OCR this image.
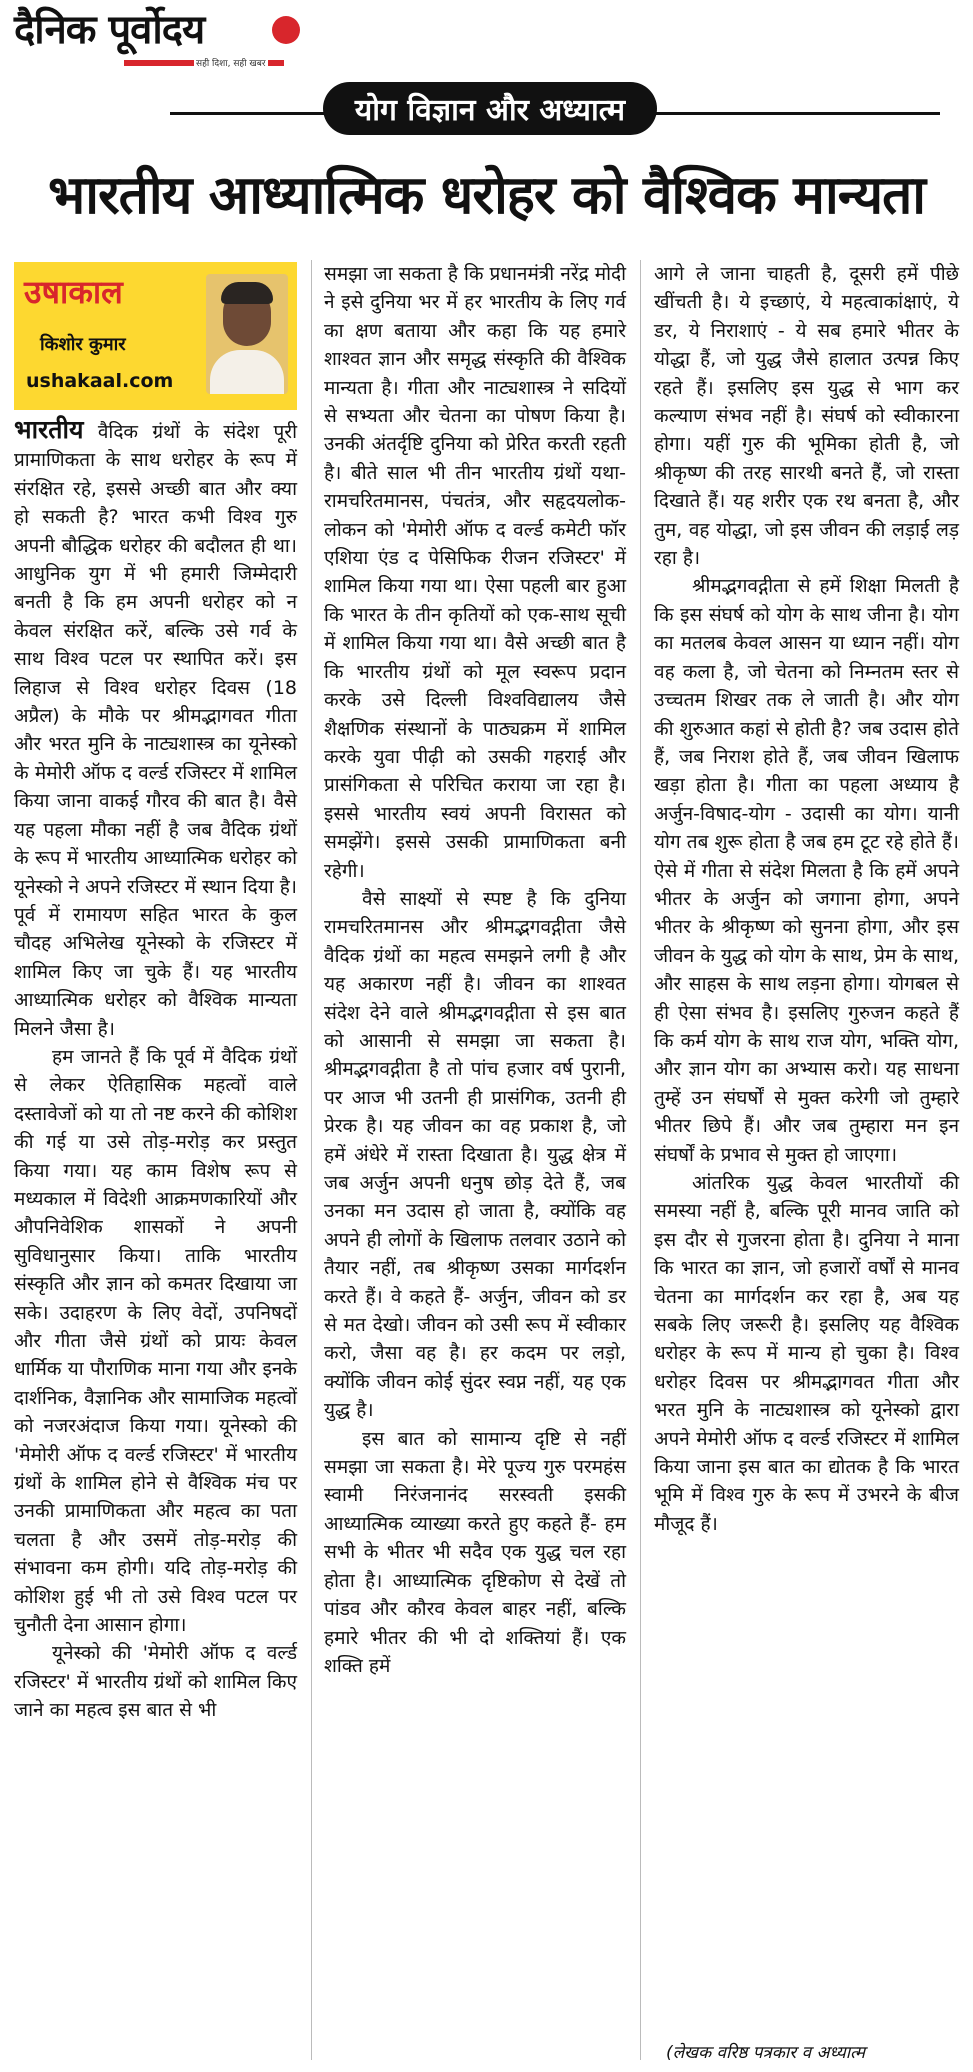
दैनिक पूर्वोदय
सही दिशा, सही खबर
योग विज्ञान और अध्यात्म
भारतीय आध्यात्मिक धरोहर को वैश्विक मान्यता
उषाकाल
किशोर कुमार
ushakaal.com

भारतीय वैदिक ग्रंथों के संदेश पूरी प्रामाणिकता के साथ धरोहर के रूप में संरक्षित रहे, इससे अच्छी बात और क्या हो सकती है? भारत कभी विश्व गुरु अपनी बौद्धिक धरोहर की बदौलत ही था। आधुनिक युग में भी हमारी जिम्मेदारी बनती है कि हम अपनी धरोहर को न केवल संरक्षित करें, बल्कि उसे गर्व के साथ विश्व पटल पर स्थापित करें। इस लिहाज से विश्व धरोहर दिवस (18 अप्रैल) के मौके पर श्रीमद्भागवत गीता और भरत मुनि के नाट्यशास्त्र का यूनेस्को के मेमोरी ऑफ द वर्ल्ड रजिस्टर में शामिल किया जाना वाकई गौरव की बात है। वैसे यह पहला मौका नहीं है जब वैदिक ग्रंथों के रूप में भारतीय आध्यात्मिक धरोहर को यूनेस्को ने अपने रजिस्टर में स्थान दिया है। पूर्व में रामायण सहित भारत के कुल चौदह अभिलेख यूनेस्को के रजिस्टर में शामिल किए जा चुके हैं। यह भारतीय आध्यात्मिक धरोहर को वैश्विक मान्यता मिलने जैसा है।

हम जानते हैं कि पूर्व में वैदिक ग्रंथों से लेकर ऐतिहासिक महत्वों वाले दस्तावेजों को या तो नष्ट करने की कोशिश की गई या उसे तोड़-मरोड़ कर प्रस्तुत किया गया। यह काम विशेष रूप से मध्यकाल में विदेशी आक्रमणकारियों और औपनिवेशिक शासकों ने अपनी सुविधानुसार किया। ताकि भारतीय संस्कृति और ज्ञान को कमतर दिखाया जा सके। उदाहरण के लिए वेदों, उपनिषदों और गीता जैसे ग्रंथों को प्रायः केवल धार्मिक या पौराणिक माना गया और इनके दार्शनिक, वैज्ञानिक और सामाजिक महत्वों को नजरअंदाज किया गया। यूनेस्को की 'मेमोरी ऑफ द वर्ल्ड रजिस्टर' में भारतीय ग्रंथों के शामिल होने से वैश्विक मंच पर उनकी प्रामाणिकता और महत्व का पता चलता है और उसमें तोड़-मरोड़ की संभावना कम होगी। यदि तोड़-मरोड़ की कोशिश हुई भी तो उसे विश्व पटल पर चुनौती देना आसान होगा।

यूनेस्को की 'मेमोरी ऑफ द वर्ल्ड रजिस्टर' में भारतीय ग्रंथों को शामिल किए जाने का महत्व इस बात से भी

समझा जा सकता है कि प्रधानमंत्री नरेंद्र मोदी ने इसे दुनिया भर में हर भारतीय के लिए गर्व का क्षण बताया और कहा कि यह हमारे शाश्वत ज्ञान और समृद्ध संस्कृति की वैश्विक मान्यता है। गीता और नाट्यशास्त्र ने सदियों से सभ्यता और चेतना का पोषण किया है। उनकी अंतर्दृष्टि दुनिया को प्रेरित करती रहती है। बीते साल भी तीन भारतीय ग्रंथों यथा- रामचरितमानस, पंचतंत्र, और सहृदयलोक-लोकन को 'मेमोरी ऑफ द वर्ल्ड कमेटी फॉर एशिया एंड द पेसिफिक रीजन रजिस्टर' में शामिल किया गया था। ऐसा पहली बार हुआ कि भारत के तीन कृतियों को एक-साथ सूची में शामिल किया गया था। वैसे अच्छी बात है कि भारतीय ग्रंथों को मूल स्वरूप प्रदान करके उसे दिल्ली विश्वविद्यालय जैसे शैक्षणिक संस्थानों के पाठ्यक्रम में शामिल करके युवा पीढ़ी को उसकी गहराई और प्रासंगिकता से परिचित कराया जा रहा है। इससे भारतीय स्वयं अपनी विरासत को समझेंगे। इससे उसकी प्रामाणिकता बनी रहेगी।

वैसे साक्ष्यों से स्पष्ट है कि दुनिया रामचरितमानस और श्रीमद्भगवद्गीता जैसे वैदिक ग्रंथों का महत्व समझने लगी है और यह अकारण नहीं है। जीवन का शाश्वत संदेश देने वाले श्रीमद्भगवद्गीता से इस बात को आसानी से समझा जा सकता है। श्रीमद्भगवद्गीता है तो पांच हजार वर्ष पुरानी, पर आज भी उतनी ही प्रासंगिक, उतनी ही प्रेरक है। यह जीवन का वह प्रकाश है, जो हमें अंधेरे में रास्ता दिखाता है। युद्ध क्षेत्र में जब अर्जुन अपनी धनुष छोड़ देते हैं, जब उनका मन उदास हो जाता है, क्योंकि वह अपने ही लोगों के खिलाफ तलवार उठाने को तैयार नहीं, तब श्रीकृष्ण उसका मार्गदर्शन करते हैं। वे कहते हैं- अर्जुन, जीवन को डर से मत देखो। जीवन को उसी रूप में स्वीकार करो, जैसा वह है। हर कदम पर लड़ो, क्योंकि जीवन कोई सुंदर स्वप्न नहीं, यह एक युद्ध है।

इस बात को सामान्य दृष्टि से नहीं समझा जा सकता है। मेरे पूज्य गुरु परमहंस स्वामी निरंजनानंद सरस्वती इसकी आध्यात्मिक व्याख्या करते हुए कहते हैं- हम सभी के भीतर भी सदैव एक युद्ध चल रहा होता है। आध्यात्मिक दृष्टिकोण से देखें तो पांडव और कौरव केवल बाहर नहीं, बल्कि हमारे भीतर की भी दो शक्तियां हैं। एक शक्ति हमें

आगे ले जाना चाहती है, दूसरी हमें पीछे खींचती है। ये इच्छाएं, ये महत्वाकांक्षाएं, ये डर, ये निराशाएं - ये सब हमारे भीतर के योद्धा हैं, जो युद्ध जैसे हालात उत्पन्न किए रहते हैं। इसलिए इस युद्ध से भाग कर कल्याण संभव नहीं है। संघर्ष को स्वीकारना होगा। यहीं गुरु की भूमिका होती है, जो श्रीकृष्ण की तरह सारथी बनते हैं, जो रास्ता दिखाते हैं। यह शरीर एक रथ बनता है, और तुम, वह योद्धा, जो इस जीवन की लड़ाई लड़ रहा है।

श्रीमद्भगवद्गीता से हमें शिक्षा मिलती है कि इस संघर्ष को योग के साथ जीना है। योग का मतलब केवल आसन या ध्यान नहीं। योग वह कला है, जो चेतना को निम्नतम स्तर से उच्चतम शिखर तक ले जाती है। और योग की शुरुआत कहां से होती है? जब उदास होते हैं, जब निराश होते हैं, जब जीवन खिलाफ खड़ा होता है। गीता का पहला अध्याय है अर्जुन-विषाद-योग - उदासी का योग। यानी योग तब शुरू होता है जब हम टूट रहे होते हैं। ऐसे में गीता से संदेश मिलता है कि हमें अपने भीतर के अर्जुन को जगाना होगा, अपने भीतर के श्रीकृष्ण को सुनना होगा, और इस जीवन के युद्ध को योग के साथ, प्रेम के साथ, और साहस के साथ लड़ना होगा। योगबल से ही ऐसा संभव है। इसलिए गुरुजन कहते हैं कि कर्म योग के साथ राज योग, भक्ति योग, और ज्ञान योग का अभ्यास करो। यह साधना तुम्हें उन संघर्षों से मुक्त करेगी जो तुम्हारे भीतर छिपे हैं। और जब तुम्हारा मन इन संघर्षों के प्रभाव से मुक्त हो जाएगा।

आंतरिक युद्ध केवल भारतीयों की समस्या नहीं है, बल्कि पूरी मानव जाति को इस दौर से गुजरना होता है। दुनिया ने माना कि भारत का ज्ञान, जो हजारों वर्षों से मानव चेतना का मार्गदर्शन कर रहा है, अब यह सबके लिए जरूरी है। इसलिए यह वैश्विक धरोहर के रूप में मान्य हो चुका है। विश्व धरोहर दिवस पर श्रीमद्भागवत गीता और भरत मुनि के नाट्यशास्त्र को यूनेस्को द्वारा अपने मेमोरी ऑफ द वर्ल्ड रजिस्टर में शामिल किया जाना इस बात का द्योतक है कि भारत भूमि में विश्व गुरु के रूप में उभरने के बीज मौजूद हैं।

(लेखक वरिष्ठ पत्रकार व अध्यात्म
